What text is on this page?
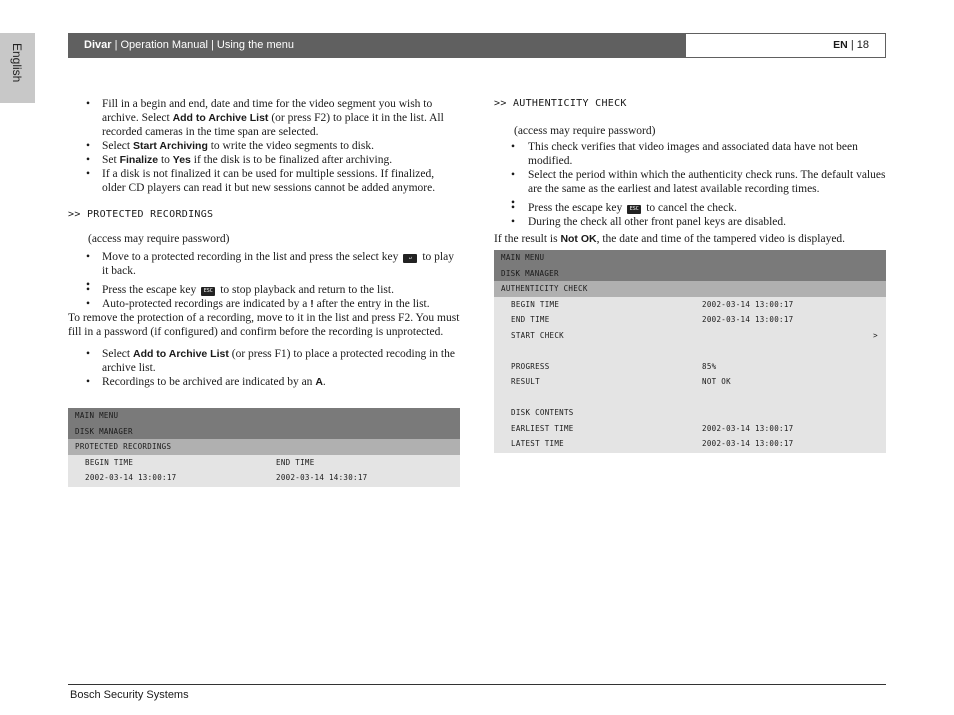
English	Divar | Operation Manual | Using the menu	EN | 18
• Fill in a begin and end, date and time for the video segment you wish to archive. Select Add to Archive List (or press F2) to place it in the list. All recorded cameras in the time span are selected.
• Select Start Archiving to write the video segments to disk.
• Set Finalize to Yes if the disk is to be finalized after archiving.
• If a disk is not finalized it can be used for multiple sessions. If finalized, older CD players can read it but new sessions cannot be added anymore.
>> PROTECTED RECORDINGS

(access may require password)

• Move to a protected recording in the list and press the select key ↵ to play it back.
•
• Press the escape key ESC to stop playback and return to the list.
• Auto-protected recordings are indicated by a ! after the entry in the list.

To remove the protection of a recording, move to it in the list and press F2. You must fill in a password (if configured) and confirm before the recording is unprotected.

• Select Add to Archive List (or press F1) to place a protected recoding in the archive list.
• Recordings to be archived are indicated by an A.
MAIN MENU
DISK MANAGER
PROTECTED RECORDINGS
BEGIN TIME	END TIME
2002-03-14 13:00:17	2002-03-14 14:30:17
>> AUTHENTICITY CHECK

(access may require password)

• This check verifies that video images and associated data have not been modified.
• Select the period within which the authenticity check runs. The default values are the same as the earliest and latest available recording times.
•
• Press the escape key ESC to cancel the check.
• During the check all other front panel keys are disabled.

If the result is Not OK, the date and time of the tampered video is displayed.

MAIN MENU
DISK MANAGER
AUTHENTICITY CHECK
BEGIN TIME	2002-03-14 13:00:17
END TIME	2002-03-14 13:00:17
START CHECK	>
PROGRESS	85%
RESULT	NOT OK
DISK CONTENTS
EARLIEST TIME	2002-03-14 13:00:17
LATEST TIME	2002-03-14 13:00:17
Bosch Security Systems
